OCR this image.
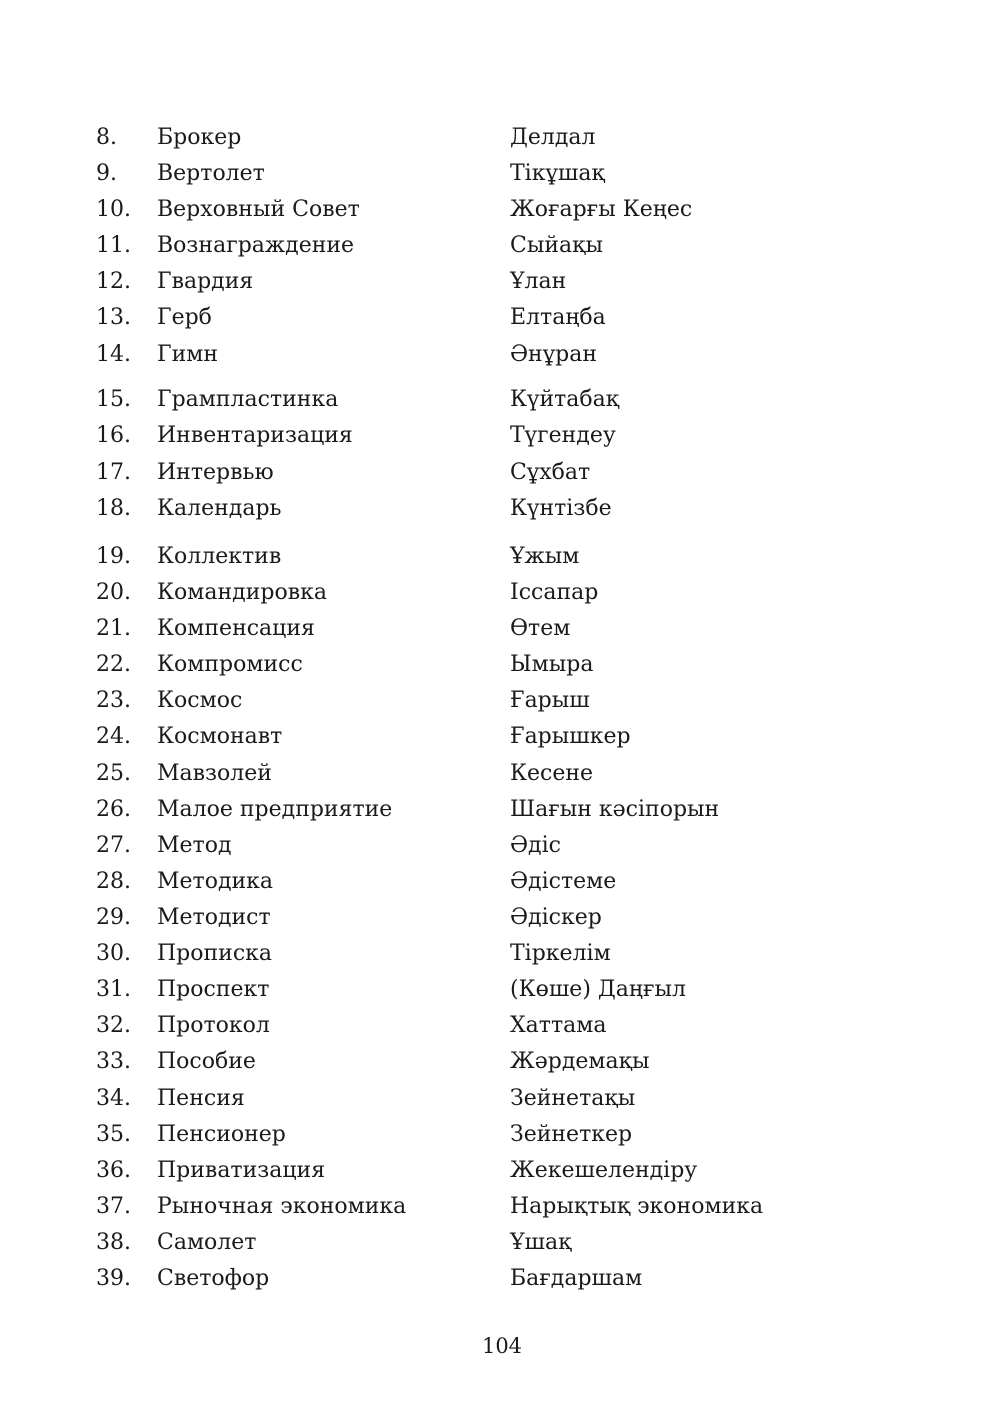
8. Брокер	Делдал
9. Вертолет	Тікұшақ
10. Верховный Совет	Жоғарғы Кеңес
11. Вознаграждение	Сыйақы
12. Гвардия	Ұлан
13. Герб	Елтаңба
14. Гимн	Әнұран
15. Грампластинка	Күйтабақ
16. Инвентаризация	Түгендеу
17. Интервью	Сұхбат
18. Календарь	Күнтізбе
19. Коллектив	Ұжым
20. Командировка	Іссапар
21. Компенсация	Өтем
22. Компромисс	Ымыра
23. Космос	Ғарыш
24. Космонавт	Ғарышкер
25. Мавзолей	Кесене
26. Малое предприятие	Шағын кәсіпорын
27. Метод	Әдіс
28. Методика	Әдістеме
29. Методист	Әдіскер
30. Прописка	Тіркелім
31. Проспект	(Көше) Даңғыл
32. Протокол	Хаттама
33. Пособие	Жәрдемақы
34. Пенсия	Зейнетақы
35. Пенсионер	Зейнеткер
36. Приватизация	Жекешелендіру
37. Рыночная экономика	Нарықтық экономика
38. Самолет	Ұшақ
39. Светофор	Бағдаршам
104
